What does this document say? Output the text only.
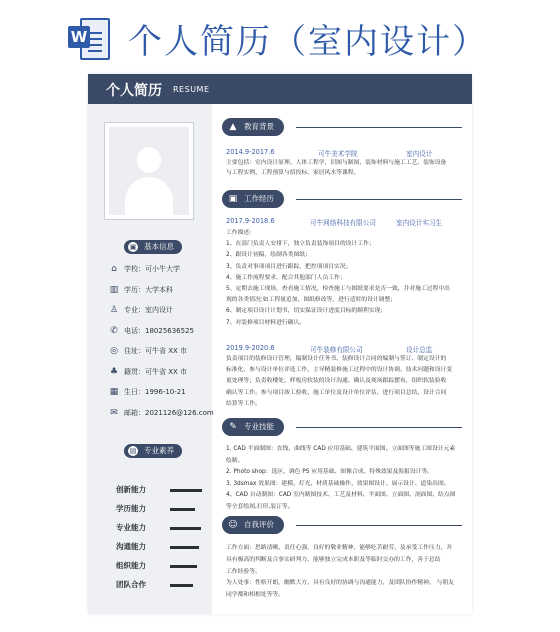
W 个人简历（室内设计）
个人简历 RESUME
▣ 基本信息
⌂ 学校：可小牛大学
▥ 学历：大学本科
♙ 专业：室内设计
✆ 电话：18025636525
◎ 住址：可牛省 XX 市
♣ 籍贯：可牛省 XX 市
▦ 生日：1996-10-21
✉ 邮箱：2021126@126.com
▤ 专业素养
创新能力
学历能力
专业能力
沟通能力
组织能力
团队合作
▲	教育背景
2014.9-2017.6	可牛美术学院	室内设计
主要包括：室内设计原理、人体工程学、识图与制图、装饰材料与施工工艺、装饰设备
与工程实例、工程预算与招投标、家居风水等课程。
▣ 工作经历
2017.9-2018.6	可牛网络科技有限公司	室内设计实习生
工作描述：
1、在部门负责人安排下，独立负责装饰项目的设计工作；
2、跟设计初稿，绘制各类图纸；
3、负责对事项项目进行跟踪，把控项项目实况；
4、施工作流程要求，配合其他部门人员工作；
5、定期去施工现场，查看施工情况，检查施工与图纸要求是否一致，并对施工过程中出
现的各类情况:如工程量追加、图纸修改等，进行适时的设计调整；
6、制定项目设计计划书，切实保证设计进度目标的顺利实现；
7、对装修项目材料进行确认。
2019.9-2020.6	可牛装修有限公司	设计总监
负责项目的装修设计管理，编制设计任务书、装修设计合同的编制与签订、制定设计的
标准化，参与设计单位评选工作，主导精装修施工过程中的设计协调、技术问题和设计变
更处理等；负责收楼处、样板房软装的设计沟通、确认及现场跟踪摆布，组织软装验收
确认等工作。参与项目竣工验收、施工单位及设计单位评估，进行项目总结、设计合同
结算等工作。
✎ 专业技能
1. CAD 平面制图：直线、曲线等 CAD 应用基础、建筑平面图、立面图等施工图设计元素
绘制。
2. Photo shop：选区、调色 PS 应用基础、图像合成、特殊效果及海报设计等。
3. 3dsmax 效果图：建模、灯光、材质基础操作、效果图设计、展示设计、道染出图。
4、CAD 自动制图：CAD 室内制图技术、工艺及材料、平面图、立面图、剖面图、结点图
等全套绘图,打印,装订等。
☺ 自我评价
工作方面：思路清晰、责任心强，良好的敬业精神，能够吃苦耐劳，及承受工作压力，并
具有极高的判断及合事实研判力、能够独立完成本职及等临时交办的工作，善于总结
工作经验等。
为人处事：性格开朗，幽默大方，具有良好的协调与沟通能力，及团队协作精神。 与朋友
同学都和相相处等等。
